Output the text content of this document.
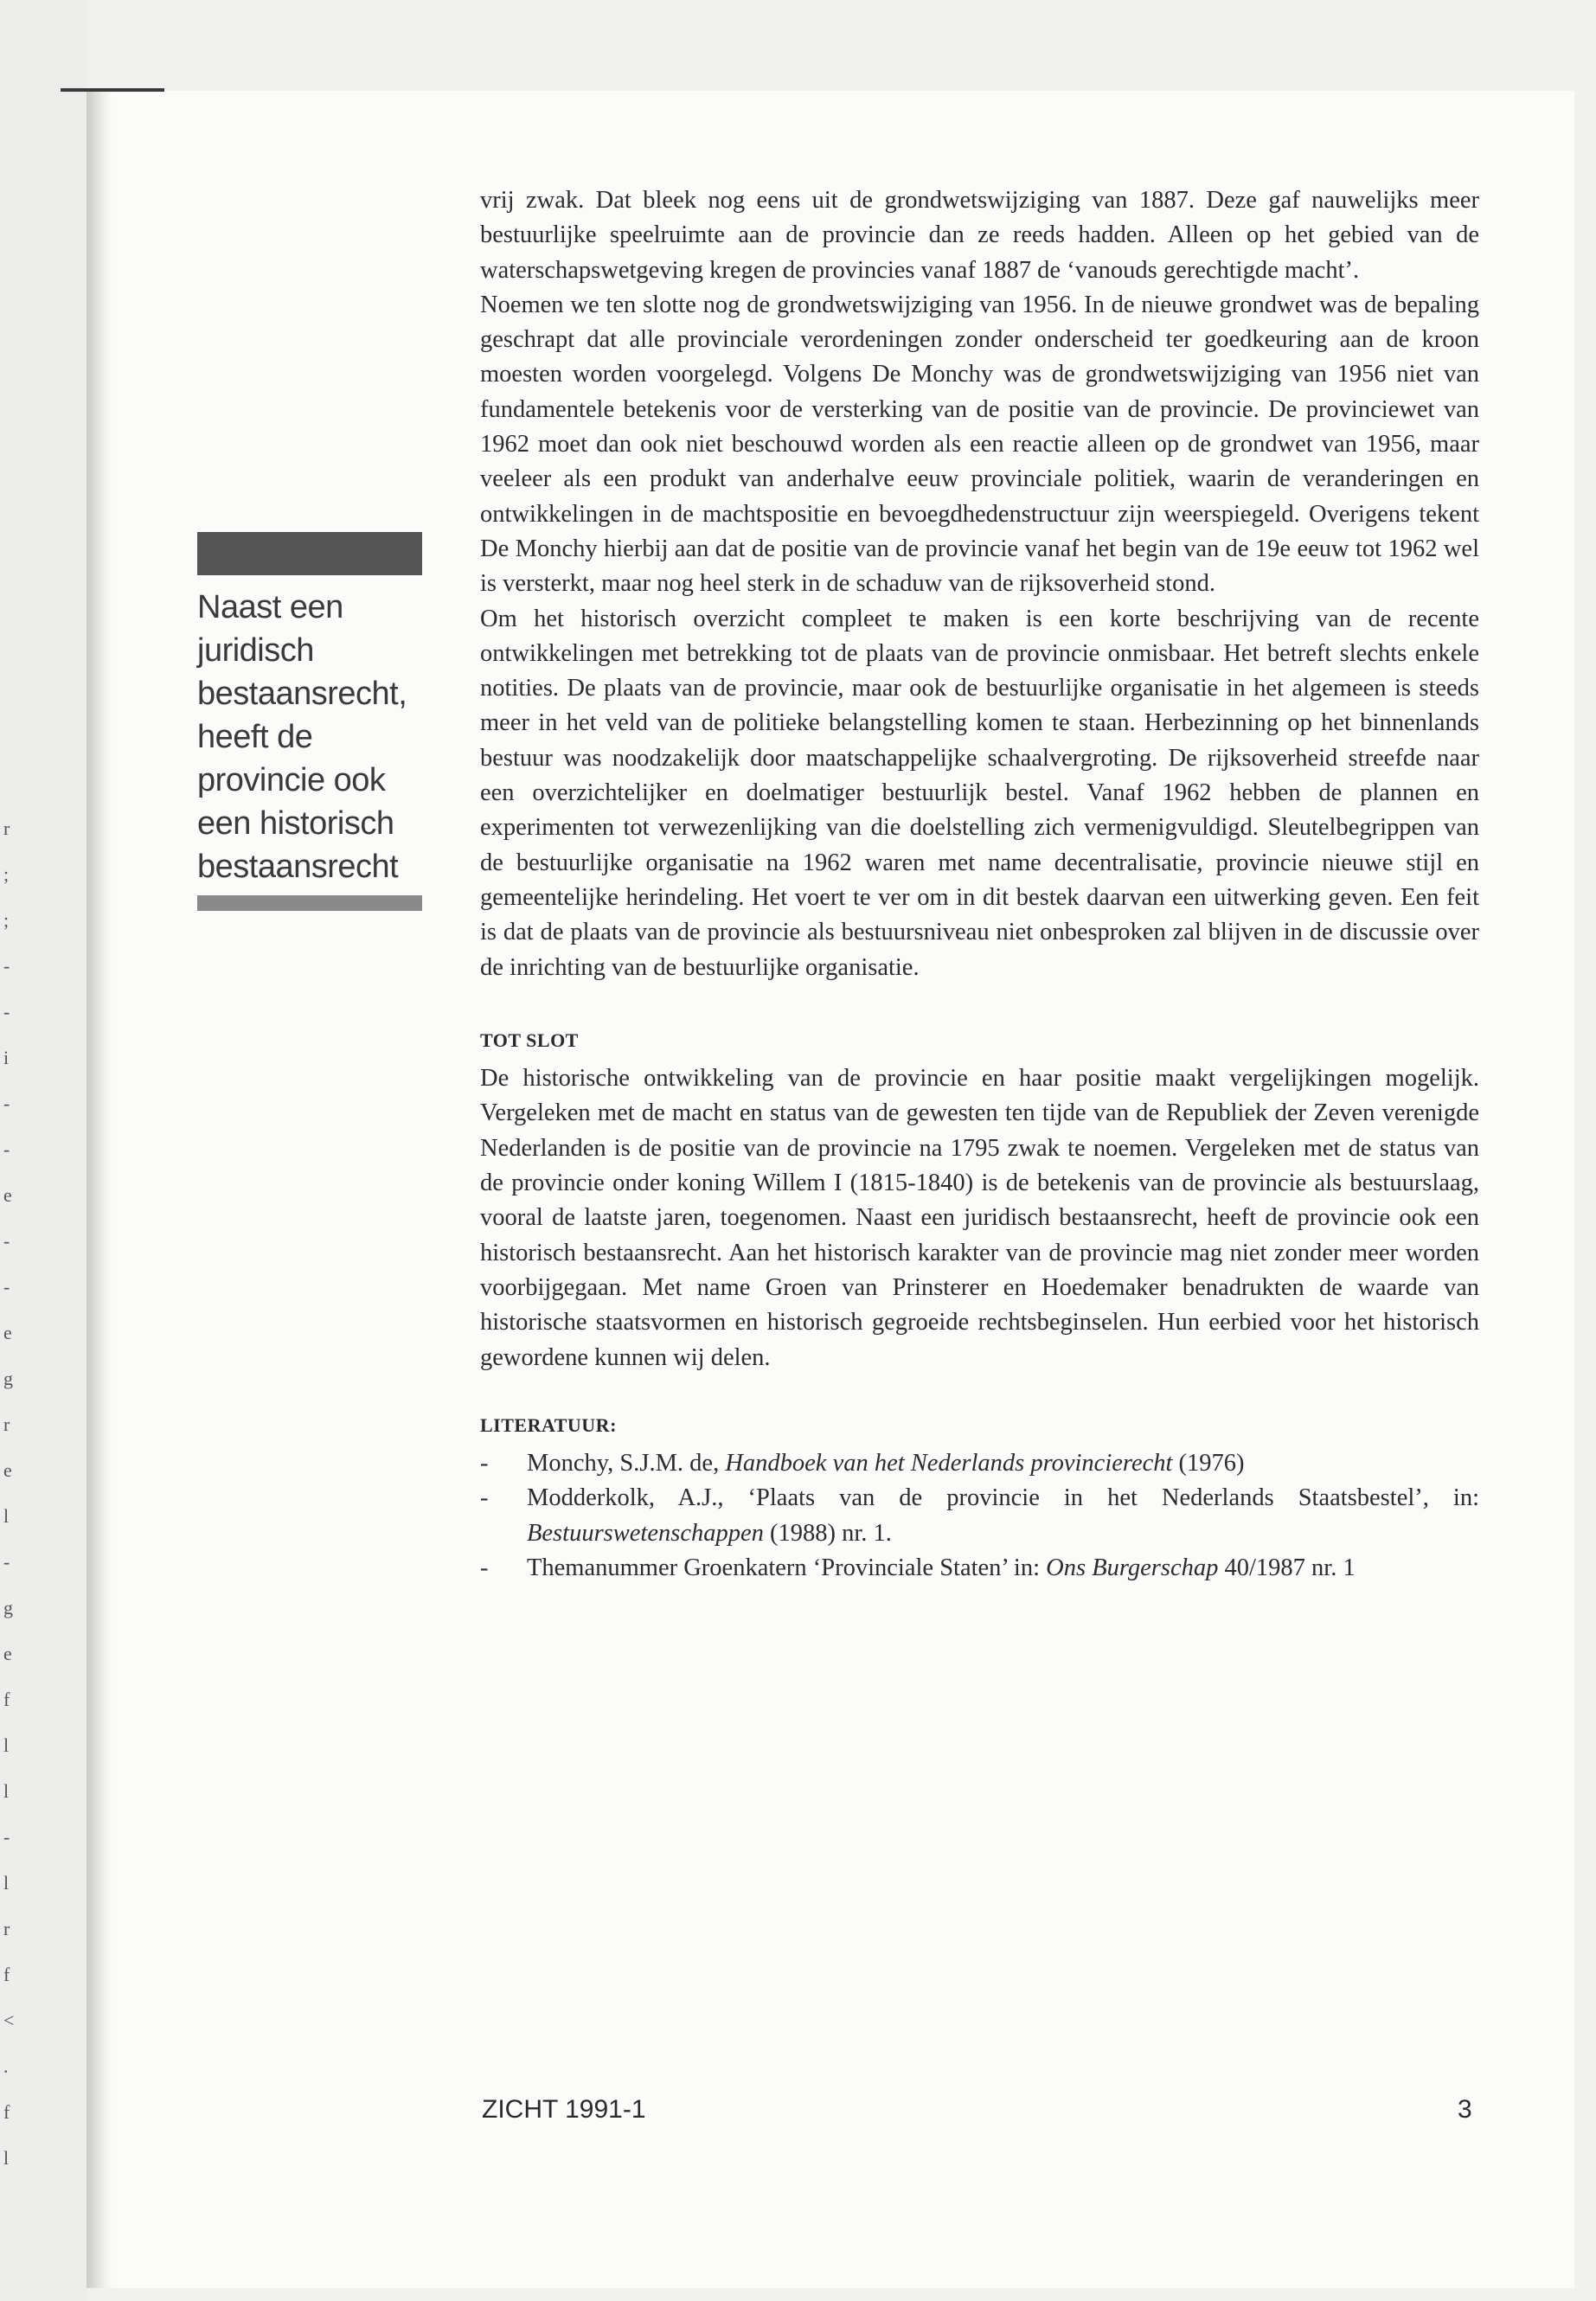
r
;
;
-
-
i
-
-
e
-
-
e
g
r
e
l
-
g
e
f
l
l
-
l
r
f
<
.
f
l
Naast een juridisch bestaansrecht, heeft de provincie ook een historisch bestaansrecht

vrij zwak. Dat bleek nog eens uit de grondwetswijziging van 1887. Deze gaf nauwelijks meer bestuurlijke speelruimte aan de provincie dan ze reeds hadden. Alleen op het gebied van de waterschapswetgeving kregen de provincies vanaf 1887 de ‘vanouds gerechtigde macht’.

Noemen we ten slotte nog de grondwetswijziging van 1956. In de nieuwe grondwet was de bepaling geschrapt dat alle provinciale verordeningen zonder onderscheid ter goedkeuring aan de kroon moesten worden voorgelegd. Volgens De Monchy was de grondwetswijziging van 1956 niet van fundamentele betekenis voor de versterking van de positie van de provincie. De provinciewet van 1962 moet dan ook niet beschouwd worden als een reactie alleen op de grondwet van 1956, maar veeleer als een produkt van anderhalve eeuw provinciale politiek, waarin de veranderingen en ontwikkelingen in de machtspositie en bevoegdhedenstructuur zijn weerspiegeld. Overigens tekent De Monchy hierbij aan dat de positie van de provincie vanaf het begin van de 19e eeuw tot 1962 wel is versterkt, maar nog heel sterk in de schaduw van de rijksoverheid stond.

Om het historisch overzicht compleet te maken is een korte beschrijving van de recente ontwikkelingen met betrekking tot de plaats van de provincie onmisbaar. Het betreft slechts enkele notities. De plaats van de provincie, maar ook de bestuurlijke organisatie in het algemeen is steeds meer in het veld van de politieke belangstelling komen te staan. Herbezinning op het binnenlands bestuur was noodzakelijk door maatschappelijke schaalvergroting. De rijksoverheid streefde naar een overzichtelijker en doelmatiger bestuurlijk bestel. Vanaf 1962 hebben de plannen en experimenten tot verwezenlijking van die doelstelling zich vermenigvuldigd. Sleutelbegrippen van de bestuurlijke organisatie na 1962 waren met name decentralisatie, provincie nieuwe stijl en gemeentelijke herindeling. Het voert te ver om in dit bestek daarvan een uitwerking geven. Een feit is dat de plaats van de provincie als bestuursniveau niet onbesproken zal blijven in de discussie over de inrichting van de bestuurlijke organisatie.

TOT SLOT

De historische ontwikkeling van de provincie en haar positie maakt vergelijkingen mogelijk. Vergeleken met de macht en status van de gewesten ten tijde van de Republiek der Zeven verenigde Nederlanden is de positie van de provincie na 1795 zwak te noemen. Vergeleken met de status van de provincie onder koning Willem I (1815-1840) is de betekenis van de provincie als bestuurslaag, vooral de laatste jaren, toegenomen. Naast een juridisch bestaansrecht, heeft de provincie ook een historisch bestaansrecht. Aan het historisch karakter van de provincie mag niet zonder meer worden voorbijgegaan. Met name Groen van Prinsterer en Hoedemaker benadrukten de waarde van historische staatsvormen en historisch gegroeide rechtsbeginselen. Hun eerbied voor het historisch gewordene kunnen wij delen.

LITERATUUR:
- Monchy, S.J.M. de, Handboek van het Nederlands provincierecht (1976)
- Modderkolk, A.J., ‘Plaats van de provincie in het Nederlands Staatsbestel’, in: Bestuurswetenschappen (1988) nr. 1.
- Themanummer Groenkatern ‘Provinciale Staten’ in: Ons Burgerschap 40/1987 nr. 1
ZICHT 1991-1	3
